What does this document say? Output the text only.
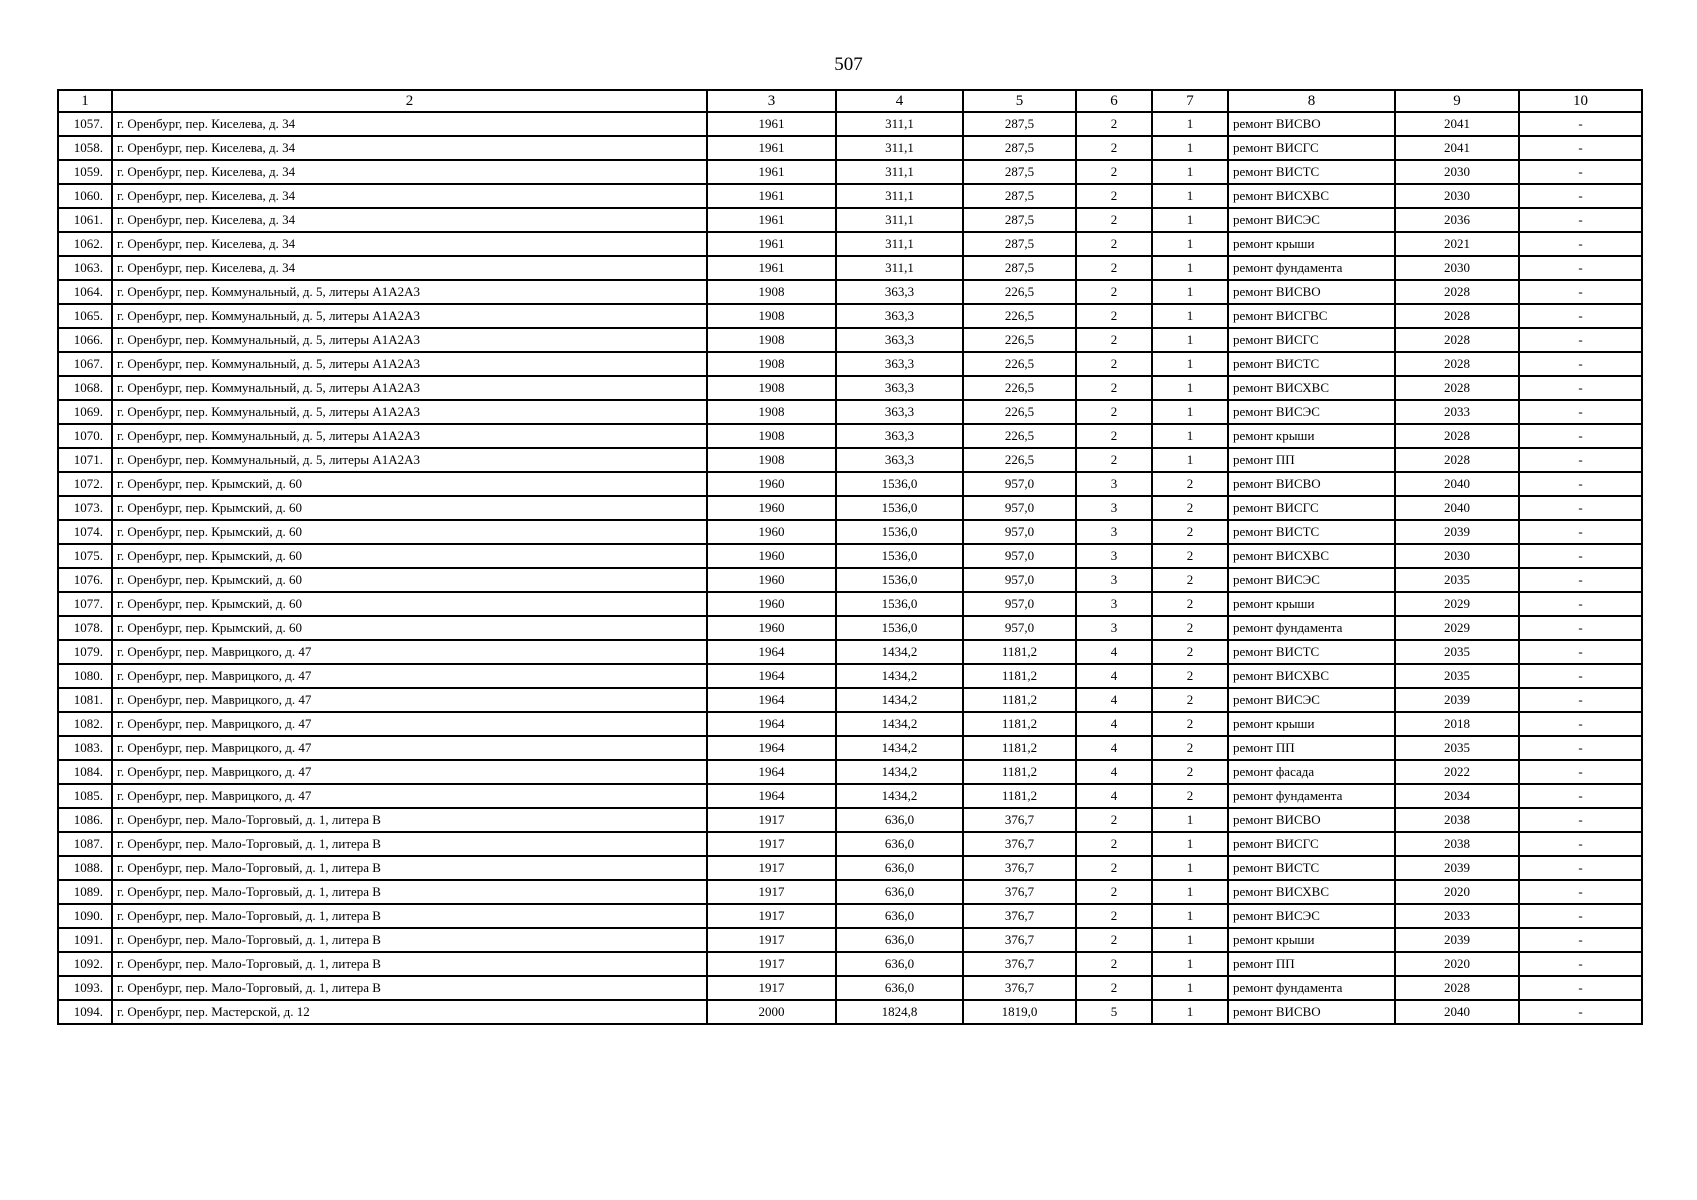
507
1	2	3	4	5	6	7	8	9	10
1057.	г. Оренбург, пер. Киселева, д. 34	1961	311,1	287,5	2	1	ремонт ВИСВО	2041	-
1058.	г. Оренбург, пер. Киселева, д. 34	1961	311,1	287,5	2	1	ремонт ВИСГС	2041	-
1059.	г. Оренбург, пер. Киселева, д. 34	1961	311,1	287,5	2	1	ремонт ВИСТС	2030	-
1060.	г. Оренбург, пер. Киселева, д. 34	1961	311,1	287,5	2	1	ремонт ВИСХВС	2030	-
1061.	г. Оренбург, пер. Киселева, д. 34	1961	311,1	287,5	2	1	ремонт ВИСЭС	2036	-
1062.	г. Оренбург, пер. Киселева, д. 34	1961	311,1	287,5	2	1	ремонт крыши	2021	-
1063.	г. Оренбург, пер. Киселева, д. 34	1961	311,1	287,5	2	1	ремонт фундамента	2030	-
1064.	г. Оренбург, пер. Коммунальный, д. 5, литеры А1А2А3	1908	363,3	226,5	2	1	ремонт ВИСВО	2028	-
1065.	г. Оренбург, пер. Коммунальный, д. 5, литеры А1А2А3	1908	363,3	226,5	2	1	ремонт ВИСГВС	2028	-
1066.	г. Оренбург, пер. Коммунальный, д. 5, литеры А1А2А3	1908	363,3	226,5	2	1	ремонт ВИСГС	2028	-
1067.	г. Оренбург, пер. Коммунальный, д. 5, литеры А1А2А3	1908	363,3	226,5	2	1	ремонт ВИСТС	2028	-
1068.	г. Оренбург, пер. Коммунальный, д. 5, литеры А1А2А3	1908	363,3	226,5	2	1	ремонт ВИСХВС	2028	-
1069.	г. Оренбург, пер. Коммунальный, д. 5, литеры А1А2А3	1908	363,3	226,5	2	1	ремонт ВИСЭС	2033	-
1070.	г. Оренбург, пер. Коммунальный, д. 5, литеры А1А2А3	1908	363,3	226,5	2	1	ремонт крыши	2028	-
1071.	г. Оренбург, пер. Коммунальный, д. 5, литеры А1А2А3	1908	363,3	226,5	2	1	ремонт ПП	2028	-
1072.	г. Оренбург, пер. Крымский, д. 60	1960	1536,0	957,0	3	2	ремонт ВИСВО	2040	-
1073.	г. Оренбург, пер. Крымский, д. 60	1960	1536,0	957,0	3	2	ремонт ВИСГС	2040	-
1074.	г. Оренбург, пер. Крымский, д. 60	1960	1536,0	957,0	3	2	ремонт ВИСТС	2039	-
1075.	г. Оренбург, пер. Крымский, д. 60	1960	1536,0	957,0	3	2	ремонт ВИСХВС	2030	-
1076.	г. Оренбург, пер. Крымский, д. 60	1960	1536,0	957,0	3	2	ремонт ВИСЭС	2035	-
1077.	г. Оренбург, пер. Крымский, д. 60	1960	1536,0	957,0	3	2	ремонт крыши	2029	-
1078.	г. Оренбург, пер. Крымский, д. 60	1960	1536,0	957,0	3	2	ремонт фундамента	2029	-
1079.	г. Оренбург, пер. Маврицкого, д. 47	1964	1434,2	1181,2	4	2	ремонт ВИСТС	2035	-
1080.	г. Оренбург, пер. Маврицкого, д. 47	1964	1434,2	1181,2	4	2	ремонт ВИСХВС	2035	-
1081.	г. Оренбург, пер. Маврицкого, д. 47	1964	1434,2	1181,2	4	2	ремонт ВИСЭС	2039	-
1082.	г. Оренбург, пер. Маврицкого, д. 47	1964	1434,2	1181,2	4	2	ремонт крыши	2018	-
1083.	г. Оренбург, пер. Маврицкого, д. 47	1964	1434,2	1181,2	4	2	ремонт ПП	2035	-
1084.	г. Оренбург, пер. Маврицкого, д. 47	1964	1434,2	1181,2	4	2	ремонт фасада	2022	-
1085.	г. Оренбург, пер. Маврицкого, д. 47	1964	1434,2	1181,2	4	2	ремонт фундамента	2034	-
1086.	г. Оренбург, пер. Мало-Торговый, д. 1, литера В	1917	636,0	376,7	2	1	ремонт ВИСВО	2038	-
1087.	г. Оренбург, пер. Мало-Торговый, д. 1, литера В	1917	636,0	376,7	2	1	ремонт ВИСГС	2038	-
1088.	г. Оренбург, пер. Мало-Торговый, д. 1, литера В	1917	636,0	376,7	2	1	ремонт ВИСТС	2039	-
1089.	г. Оренбург, пер. Мало-Торговый, д. 1, литера В	1917	636,0	376,7	2	1	ремонт ВИСХВС	2020	-
1090.	г. Оренбург, пер. Мало-Торговый, д. 1, литера В	1917	636,0	376,7	2	1	ремонт ВИСЭС	2033	-
1091.	г. Оренбург, пер. Мало-Торговый, д. 1, литера В	1917	636,0	376,7	2	1	ремонт крыши	2039	-
1092.	г. Оренбург, пер. Мало-Торговый, д. 1, литера В	1917	636,0	376,7	2	1	ремонт ПП	2020	-
1093.	г. Оренбург, пер. Мало-Торговый, д. 1, литера В	1917	636,0	376,7	2	1	ремонт фундамента	2028	-
1094.	г. Оренбург, пер. Мастерской, д. 12	2000	1824,8	1819,0	5	1	ремонт ВИСВО	2040	-
